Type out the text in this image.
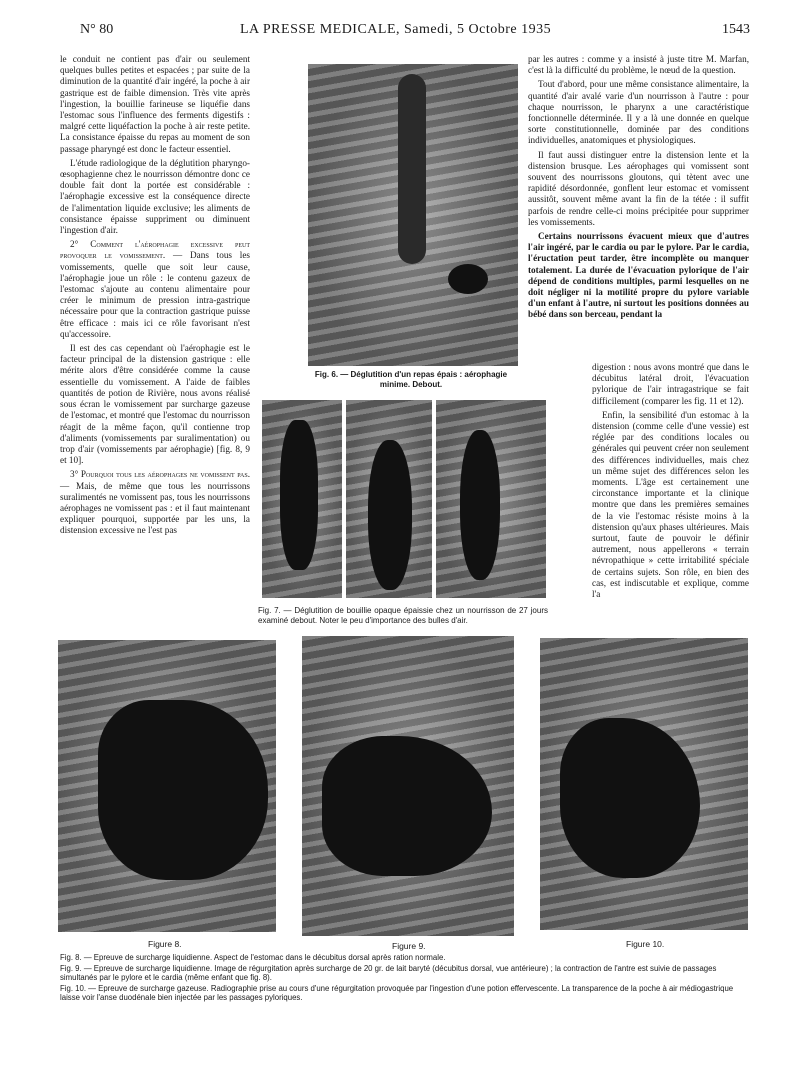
N° 80	LA PRESSE MEDICALE, Samedi, 5 Octobre 1935	1543

le conduit ne contient pas d'air ou seulement quelques bulles petites et espacées ; par suite de la diminution de la quantité d'air ingéré, la poche à air gastrique est de faible dimension. Très vite après l'ingestion, la bouillie farineuse se liquéfie dans l'estomac sous l'influence des ferments digestifs : malgré cette liquéfaction la poche à air reste petite. La consistance épaisse du repas au moment de son passage pharyngé est donc le facteur essentiel.

L'étude radiologique de la déglutition pharyngo-œsophagienne chez le nourrisson démontre donc ce double fait dont la portée est considérable : l'aérophagie excessive est la conséquence directe de l'alimentation liquide exclusive; les aliments de consistance épaisse suppriment ou diminuent l'ingestion d'air.

2° Comment l'aérophagie excessive peut provoquer le vomissement. — Dans tous les vomissements, quelle que soit leur cause, l'aérophagie joue un rôle : le contenu gazeux de l'estomac s'ajoute au contenu alimentaire pour créer le minimum de pression intra-gastrique nécessaire pour que la contraction gastrique puisse être efficace : mais ici ce rôle favorisant n'est qu'accessoire.

Il est des cas cependant où l'aérophagie est le facteur principal de la distension gastrique : elle mérite alors d'être considérée comme la cause essentielle du vomissement. A l'aide de faibles quantités de potion de Rivière, nous avons réalisé sous écran le vomissement par surcharge gazeuse de l'estomac, et montré que l'estomac du nourrisson réagit de la même façon, qu'il contienne trop d'aliments (vomissements par suralimentation) ou trop d'air (vomissements par aérophagie) [fig. 8, 9 et 10].

3° Pourquoi tous les aérophages ne vomissent pas. — Mais, de même que tous les nourrissons suralimentés ne vomissent pas, tous les nourrissons aérophages ne vomissent pas : et il faut maintenant expliquer pourquoi, supportée par les uns, la distension excessive ne l'est pas

Fig. 6. — Déglutition d'un repas épais : aérophagie minime. Debout.
Fig. 7. — Déglutition de bouillie opaque épaissie chez un nourrisson de 27 jours examiné debout. Noter le peu d'importance des bulles d'air.

par les autres : comme y a insisté à juste titre M. Marfan, c'est là la difficulté du problème, le nœud de la question.

Tout d'abord, pour une même consistance alimentaire, la quantité d'air avalé varie d'un nourrisson à l'autre : pour chaque nourrisson, le pharynx a une caractéristique fonctionnelle déterminée. Il y a là une donnée en quelque sorte constitutionnelle, dominée par des conditions individuelles, anatomiques et physiologiques.

Il faut aussi distinguer entre la distension lente et la distension brusque. Les aérophages qui vomissent sont souvent des nourrissons gloutons, qui tètent avec une rapidité désordonnée, gonflent leur estomac et vomissent aussitôt, souvent même avant la fin de la tétée : il suffit parfois de rendre celle-ci moins précipitée pour supprimer les vomissements.

Certains nourrissons évacuent mieux que d'autres l'air ingéré, par le cardia ou par le pylore. Par le cardia, l'éructation peut tarder, être incomplète ou manquer totalement. La durée de l'évacuation pylorique de l'air dépend de conditions multiples, parmi lesquelles on ne doit négliger ni la motilité propre du pylore variable d'un enfant à l'autre, ni surtout les positions données au bébé dans son berceau, pendant la

digestion : nous avons montré que dans le décubitus latéral droit, l'évacuation pylorique de l'air intragastrique se fait difficilement (comparer les fig. 11 et 12).

Enfin, la sensibilité d'un estomac à la distension (comme celle d'une vessie) est réglée par des conditions locales ou générales qui peuvent créer non seulement des différences individuelles, mais chez un même sujet des différences selon les moments. L'âge est certainement une circonstance importante et la clinique montre que dans les premières semaines de la vie l'estomac résiste moins à la distension qu'aux phases ultérieures. Mais surtout, faute de pouvoir le définir autrement, nous appellerons « terrain névropathique » cette irritabilité spéciale de certains sujets. Son rôle, en bien des cas, est indiscutable et explique, comme l'a

Figure 8.	Figure 9.	Figure 10.

Fig. 8. — Epreuve de surcharge liquidienne. Aspect de l'estomac dans le décubitus dorsal après ration normale.

Fig. 9. — Epreuve de surcharge liquidienne. Image de régurgitation après surcharge de 20 gr. de lait baryté (décubitus dorsal, vue antérieure) ; la contraction de l'antre est suivie de passages simultanés par le pylore et le cardia (même enfant que fig. 8).

Fig. 10. — Epreuve de surcharge gazeuse. Radiographie prise au cours d'une régurgitation provoquée par l'ingestion d'une potion effervescente. La transparence de la poche à air médiogastrique laisse voir l'anse duodénale bien injectée par les passages pyloriques.
